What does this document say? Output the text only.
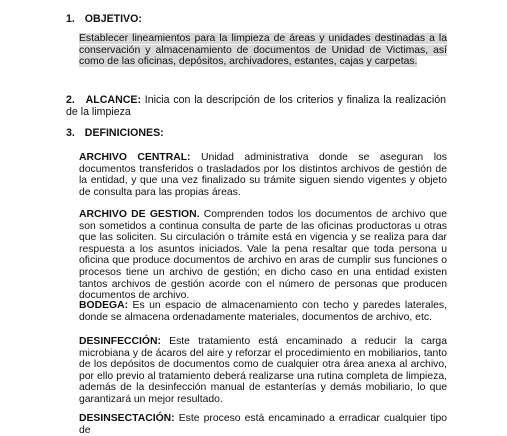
1. OBJETIVO:
Establecer lineamientos para la limpieza de áreas y unidades destinadas a la conservación y almacenamiento de documentos de Unidad de Victimas, así como de las oficinas, depósitos, archivadores, estantes, cajas y carpetas.
2. ALCANCE: Inicia con la descripción de los criterios y finaliza la realización de la limpieza
3. DEFINICIONES:
ARCHIVO CENTRAL: Unidad administrativa donde se aseguran los documentos transferidos o trasladados por los distintos archivos de gestión de la entidad, y que una vez finalizado su trámite siguen siendo vigentes y objeto de consulta para las propias áreas.
ARCHIVO DE GESTION. Comprenden todos los documentos de archivo que son sometidos a continua consulta de parte de las oficinas productoras u otras que las soliciten. Su circulación o trámite está en vigencia y se realiza para dar respuesta a los asuntos iniciados. Vale la pena resaltar que toda persona u oficina que produce documentos de archivo en aras de cumplir sus funciones o procesos tiene un archivo de gestión; en dicho caso en una entidad existen tantos archivos de gestión acorde con el número de personas que producen documentos de archivo.
BODEGA: Es un espacio de almacenamiento con techo y paredes laterales, donde se almacena ordenadamente materiales, documentos de archivo, etc.
DESINFECCIÓN: Este tratamiento está encaminado a reducir la carga microbiana y de ácaros del aire y reforzar el procedimiento en mobiliarios, tanto de los depósitos de documentos como de cualquier otra área anexa al archivo, por ello previo al tratamiento deberá realizarse una rutina completa de limpieza, además de la desinfección manual de estanterías y demás mobiliario, lo que garantizará un mejor resultado.
DESINSECTACIÓN: Este proceso está encaminado a erradicar cualquier tipo de
